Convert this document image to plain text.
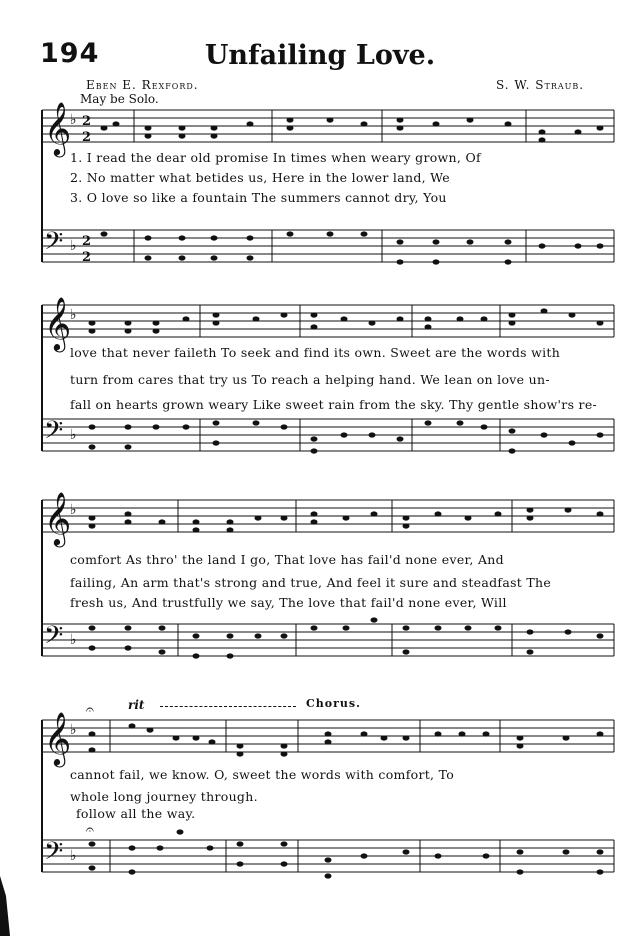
194	Unfailing Love.
Eben E. Rexford.	S. W. Straub.
May be Solo.
𝄞
𝄢
♭
♭
2
2
2
2
1. I read the dear old promise In times when weary grown, Of
2. No matter what betides us, Here in the lower land, We
3. O love so like a fountain The summers cannot dry, You
𝄞
𝄢
♭
♭
love that never faileth To seek and find its own. Sweet are the words with
turn from cares that try us To reach a helping hand. We lean on love un-
fall on hearts grown weary Like sweet rain from the sky. Thy gentle show'rs re-
𝄞
𝄢
♭
♭
comfort As thro' the land I go, That love has fail'd none ever, And
failing, An arm that's strong and true, And feel it sure and steadfast The
fresh us, And trustfully we say, The love that fail'd none ever, Will
rit	Chorus.
𝄞
𝄢
♭
♭
𝄐
𝄐
cannot fail, we know. O, sweet the words with comfort, To
whole long journey through.
follow all the way.
